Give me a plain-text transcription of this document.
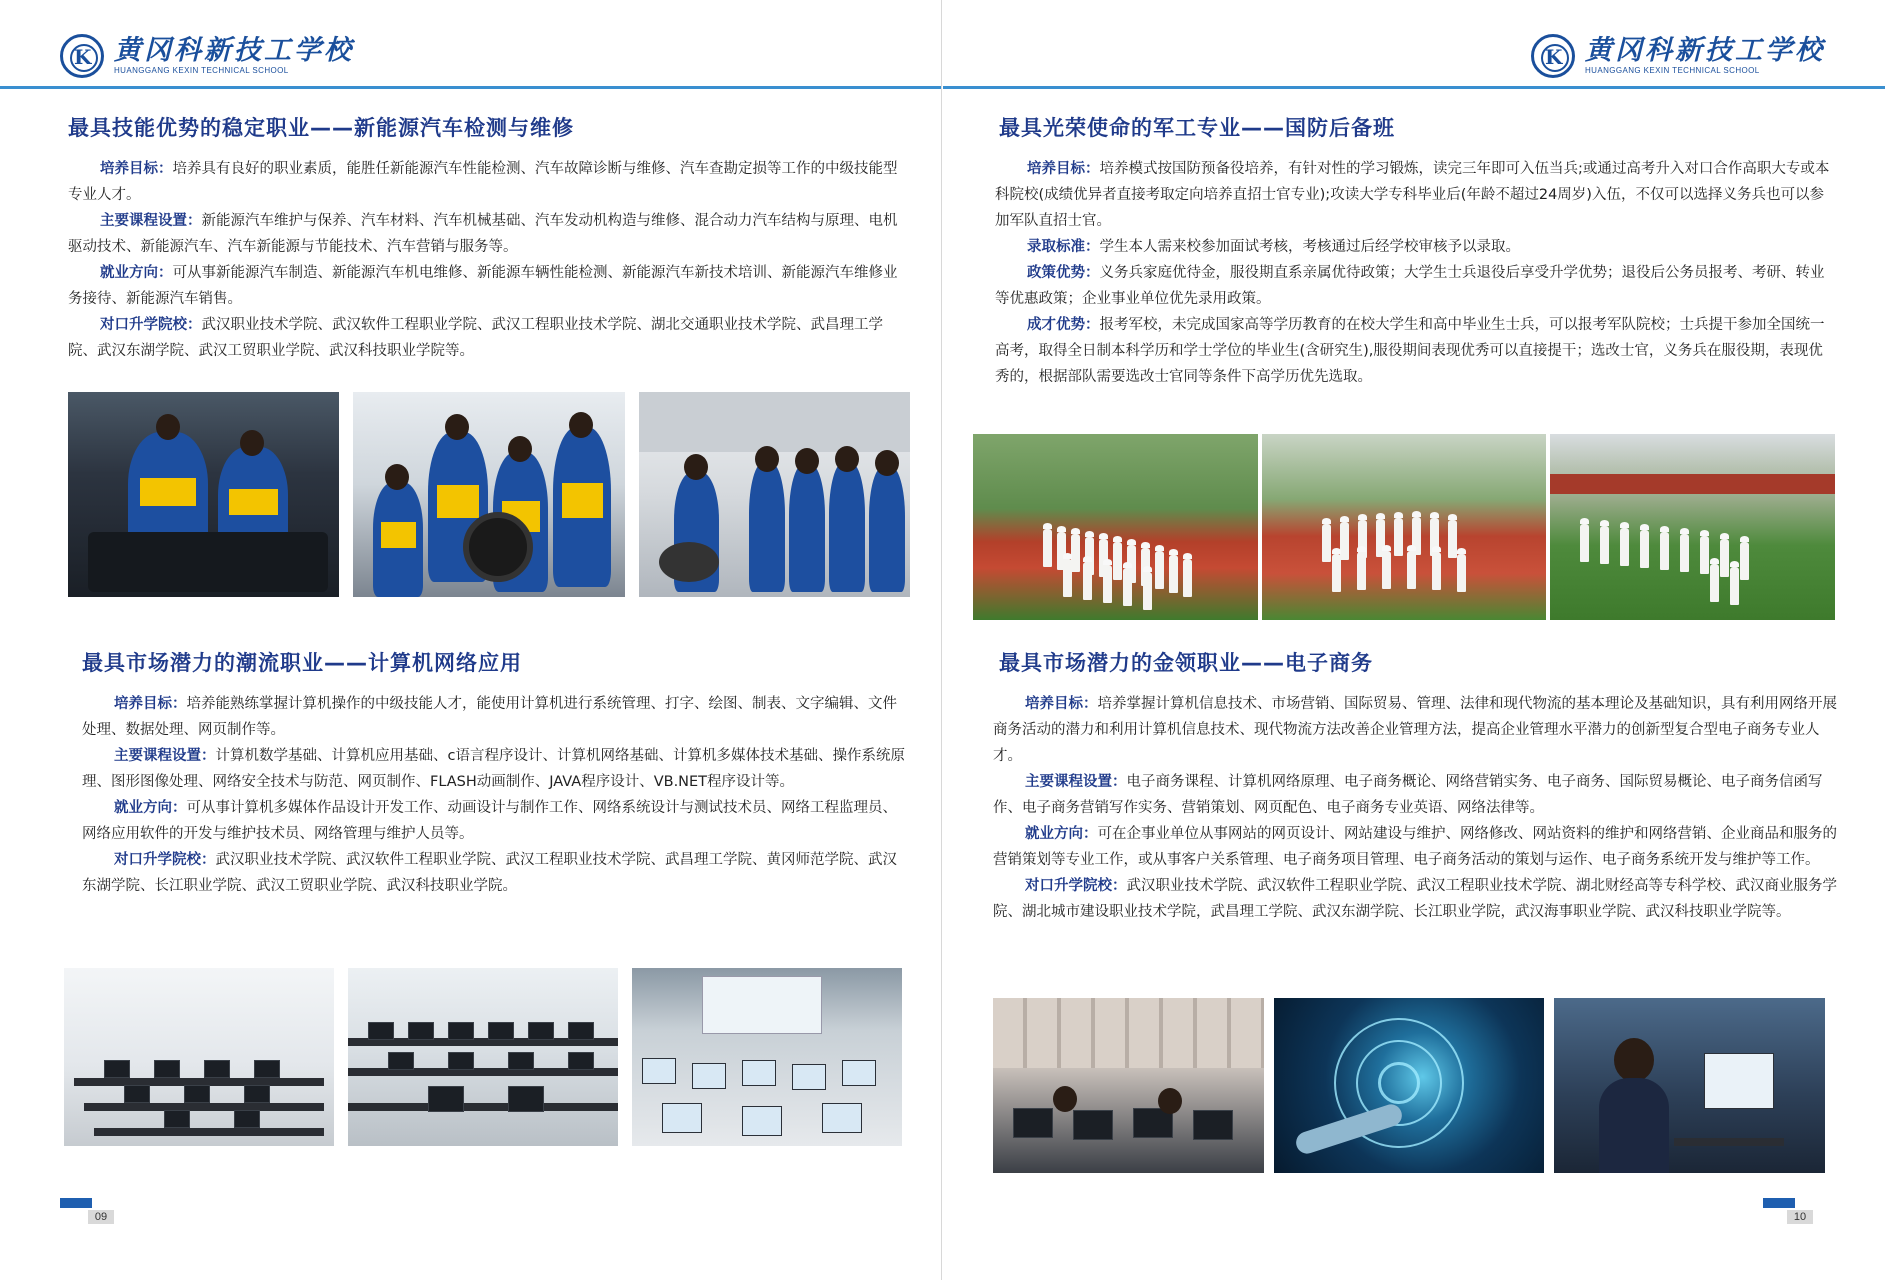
K
黄冈科新技工学校
HUANGGANG KEXIN TECHNICAL SCHOOL
最具技能优势的稳定职业——新能源汽车检测与维修

培养目标：培养具有良好的职业素质，能胜任新能源汽车性能检测、汽车故障诊断与维修、汽车查勘定损等工作的中级技能型专业人才。

主要课程设置：新能源汽车维护与保养、汽车材料、汽车机械基础、汽车发动机构造与维修、混合动力汽车结构与原理、电机驱动技术、新能源汽车、汽车新能源与节能技术、汽车营销与服务等。

就业方向：可从事新能源汽车制造、新能源汽车机电维修、新能源车辆性能检测、新能源汽车新技术培训、新能源汽车维修业务接待、新能源汽车销售。

对口升学院校：武汉职业技术学院、武汉软件工程职业学院、武汉工程职业技术学院、湖北交通职业技术学院、武昌理工学院、武汉东湖学院、武汉工贸职业学院、武汉科技职业学院等。

最具市场潜力的潮流职业——计算机网络应用

培养目标：培养能熟练掌握计算机操作的中级技能人才，能使用计算机进行系统管理、打字、绘图、制表、文字编辑、文件处理、数据处理、网页制作等。

主要课程设置：计算机数学基础、计算机应用基础、c语言程序设计、计算机网络基础、计算机多媒体技术基础、操作系统原理、图形图像处理、网络安全技术与防范、网页制作、FLASH动画制作、JAVA程序设计、VB.NET程序设计等。

就业方向：可从事计算机多媒体作品设计开发工作、动画设计与制作工作、网络系统设计与测试技术员、网络工程监理员、网络应用软件的开发与维护技术员、网络管理与维护人员等。

对口升学院校：武汉职业技术学院、武汉软件工程职业学院、武汉工程职业技术学院、武昌理工学院、黄冈师范学院、武汉东湖学院、长江职业学院、武汉工贸职业学院、武汉科技职业学院。

09
K
黄冈科新技工学校
HUANGGANG KEXIN TECHNICAL SCHOOL
最具光荣使命的军工专业——国防后备班

培养目标：培养模式按国防预备役培养，有针对性的学习锻炼，读完三年即可入伍当兵;或通过高考升入对口合作高职大专或本科院校(成绩优异者直接考取定向培养直招士官专业);攻读大学专科毕业后(年龄不超过24周岁)入伍，不仅可以选择义务兵也可以参加军队直招士官。

录取标准：学生本人需来校参加面试考核，考核通过后经学校审核予以录取。

政策优势：义务兵家庭优待金，服役期直系亲属优待政策；大学生士兵退役后享受升学优势；退役后公务员报考、考研、转业等优惠政策；企业事业单位优先录用政策。

成才优势：报考军校，未完成国家高等学历教育的在校大学生和高中毕业生士兵，可以报考军队院校；士兵提干参加全国统一高考，取得全日制本科学历和学士学位的毕业生(含研究生),服役期间表现优秀可以直接提干；选改士官，义务兵在服役期，表现优秀的，根据部队需要选改士官同等条件下高学历优先选取。

最具市场潜力的金领职业——电子商务

培养目标：培养掌握计算机信息技术、市场营销、国际贸易、管理、法律和现代物流的基本理论及基础知识，具有利用网络开展商务活动的潜力和利用计算机信息技术、现代物流方法改善企业管理方法，提高企业管理水平潜力的创新型复合型电子商务专业人才。

主要课程设置：电子商务课程、计算机网络原理、电子商务概论、网络营销实务、电子商务、国际贸易概论、电子商务信函写作、电子商务营销写作实务、营销策划、网页配色、电子商务专业英语、网络法律等。

就业方向：可在企事业单位从事网站的网页设计、网站建设与维护、网络修改、网站资料的维护和网络营销、企业商品和服务的营销策划等专业工作，或从事客户关系管理、电子商务项目管理、电子商务活动的策划与运作、电子商务系统开发与维护等工作。

对口升学院校：武汉职业技术学院、武汉软件工程职业学院、武汉工程职业技术学院、湖北财经高等专科学校、武汉商业服务学院、湖北城市建设职业技术学院，武昌理工学院、武汉东湖学院、长江职业学院，武汉海事职业学院、武汉科技职业学院等。

10
